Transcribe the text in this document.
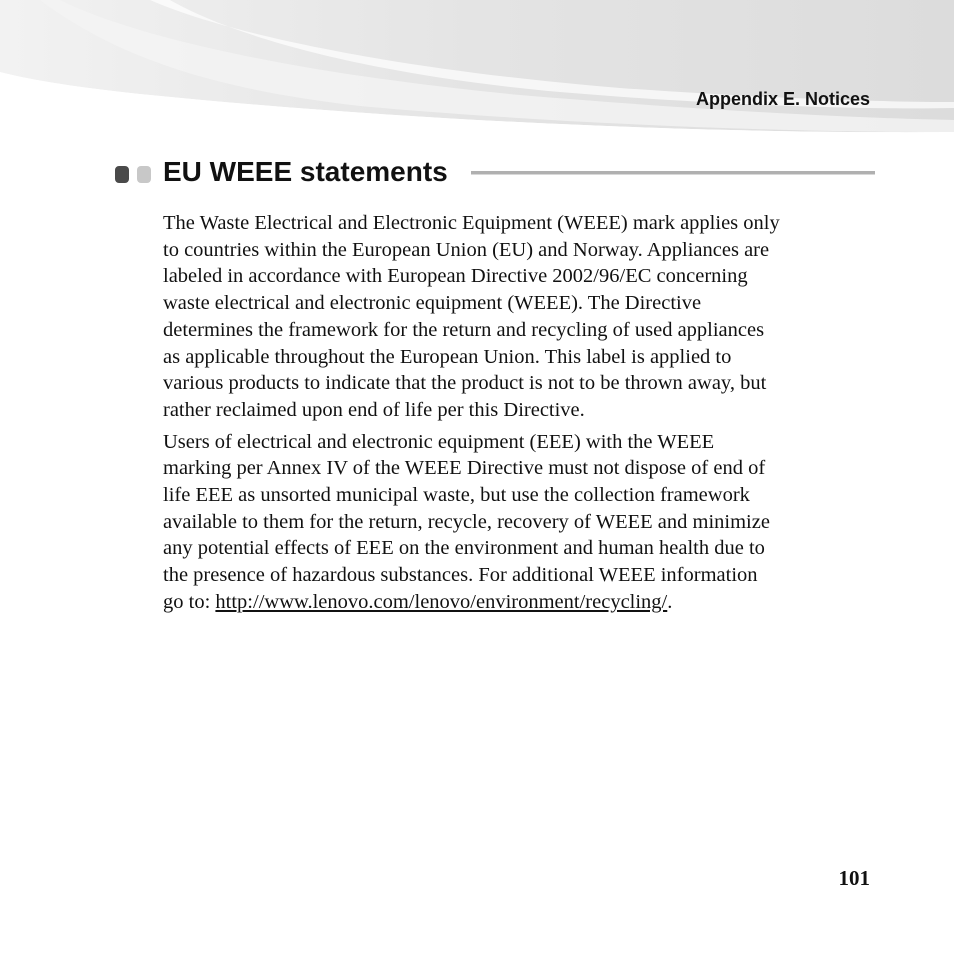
Appendix E. Notices
EU WEEE statements

The Waste Electrical and Electronic Equipment (WEEE) mark applies only
to countries within the European Union (EU) and Norway. Appliances are
labeled in accordance with European Directive 2002/96/EC concerning
waste electrical and electronic equipment (WEEE). The Directive
determines the framework for the return and recycling of used appliances
as applicable throughout the European Union. This label is applied to
various products to indicate that the product is not to be thrown away, but
rather reclaimed upon end of life per this Directive.

Users of electrical and electronic equipment (EEE) with the WEEE
marking per Annex IV of the WEEE Directive must not dispose of end of
life EEE as unsorted municipal waste, but use the collection framework
available to them for the return, recycle, recovery of WEEE and minimize
any potential effects of EEE on the environment and human health due to
the presence of hazardous substances. For additional WEEE information
go to: http://www.lenovo.com/lenovo/environment/recycling/.

101
